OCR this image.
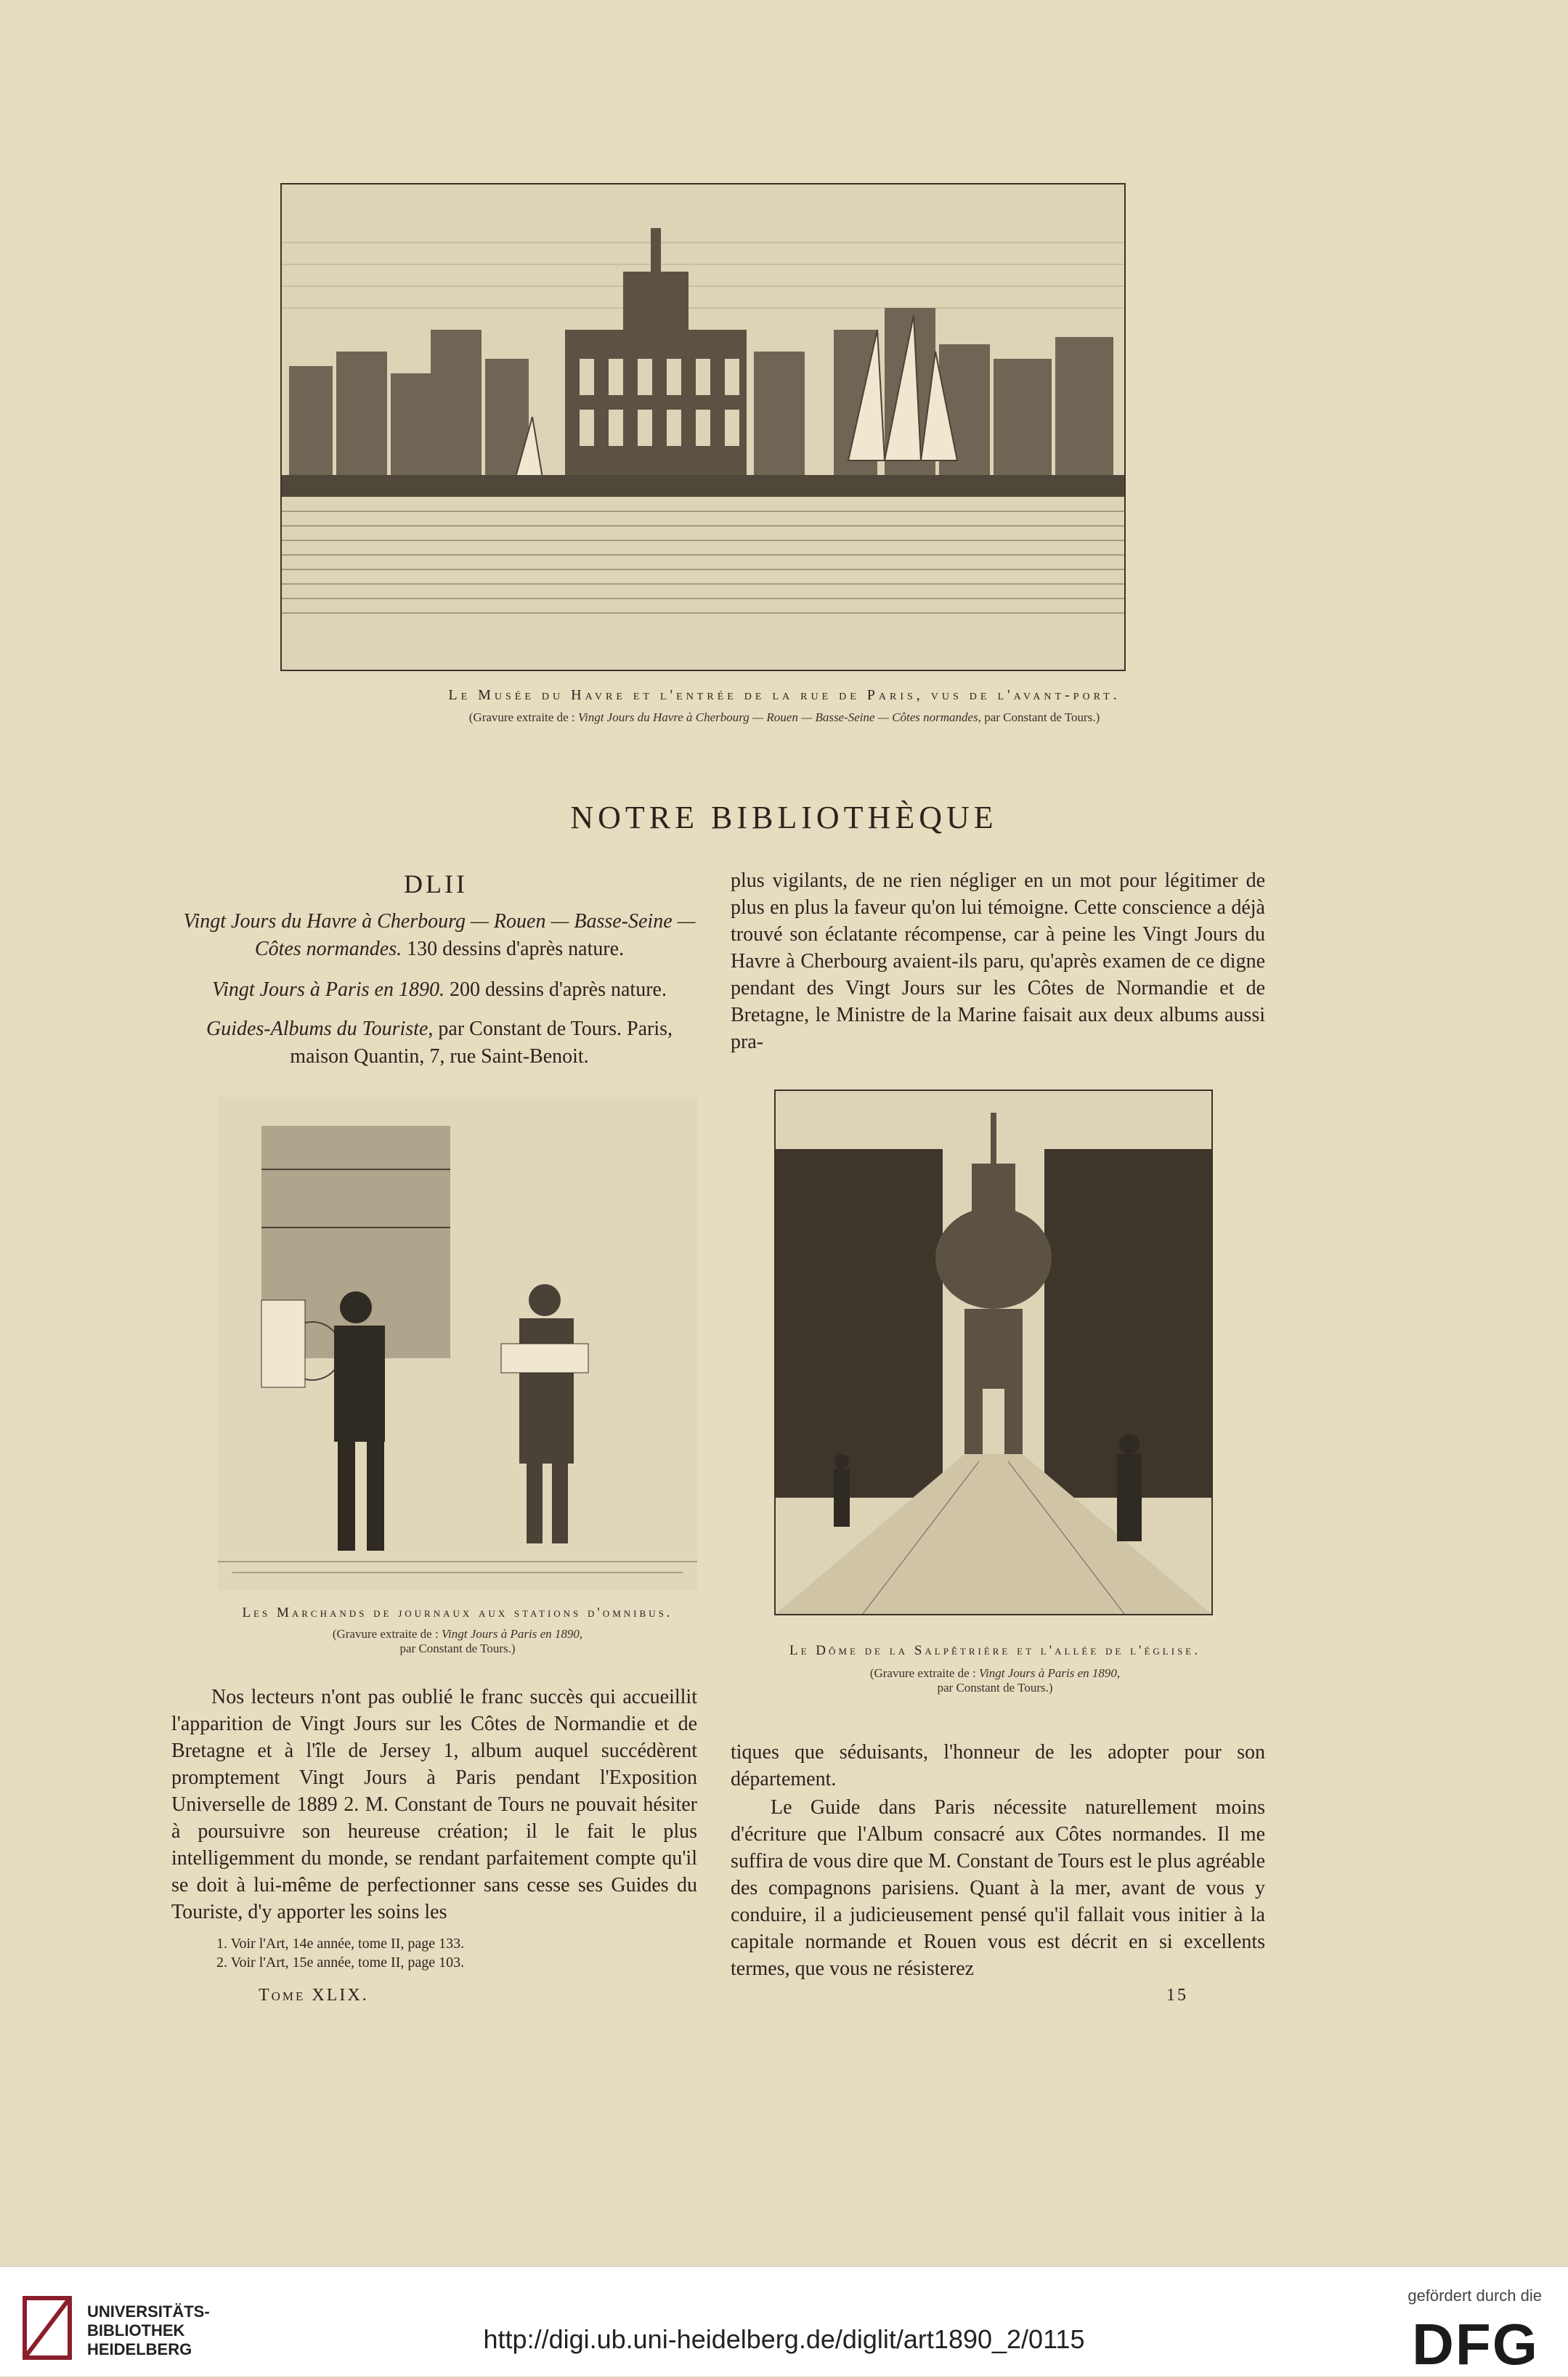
Le Musée du Havre et l'entrée de la rue de Paris, vus de l'avant-port.
(Gravure extraite de : Vingt Jours du Havre à Cherbourg — Rouen — Basse-Seine — Côtes normandes, par Constant de Tours.)
NOTRE BIBLIOTHÈQUE
DLII
Vingt Jours du Havre à Cherbourg — Rouen — Basse-Seine — Côtes normandes. 130 dessins d'après nature.
Vingt Jours à Paris en 1890. 200 dessins d'après nature.
Guides-Albums du Touriste, par Constant de Tours. Paris, maison Quantin, 7, rue Saint-Benoit.
Les Marchands de journaux aux stations d'omnibus.
(Gravure extraite de : Vingt Jours à Paris en 1890,
par Constant de Tours.)
plus vigilants, de ne rien négliger en un mot pour légitimer de plus en plus la faveur qu'on lui témoigne. Cette conscience a déjà trouvé son éclatante récompense, car à peine les Vingt Jours du Havre à Cherbourg avaient-ils paru, qu'après examen de ce digne pendant des Vingt Jours sur les Côtes de Normandie et de Bretagne, le Ministre de la Marine faisait aux deux albums aussi pra-
Le Dôme de la Salpêtrière et l'allée de l'église.
(Gravure extraite de : Vingt Jours à Paris en 1890,
par Constant de Tours.)
Nos lecteurs n'ont pas oublié le franc succès qui accueillit l'apparition de Vingt Jours sur les Côtes de Normandie et de Bretagne et à l'île de Jersey 1, album auquel succédèrent promptement Vingt Jours à Paris pendant l'Exposition Universelle de 1889 2. M. Constant de Tours ne pouvait hésiter à poursuivre son heureuse création; il le fait le plus intelligemment du monde, se rendant parfaitement compte qu'il se doit à lui-même de perfectionner sans cesse ses Guides du Touriste, d'y apporter les soins les
tiques que séduisants, l'honneur de les adopter pour son département.
Le Guide dans Paris nécessite naturellement moins d'écriture que l'Album consacré aux Côtes normandes. Il me suffira de vous dire que M. Constant de Tours est le plus agréable des compagnons parisiens. Quant à la mer, avant de vous y conduire, il a judicieusement pensé qu'il fallait vous initier à la capitale normande et Rouen vous est décrit en si excellents termes, que vous ne résisterez
1. Voir l'Art, 14e année, tome II, page 133.
2. Voir l'Art, 15e année, tome II, page 103.
Tome XLIX.	15
UNIVERSITÄTS-
BIBLIOTHEK
HEIDELBERG	http://digi.ub.uni-heidelberg.de/diglit/art1890_2/0115
gefördert durch die
DFG
